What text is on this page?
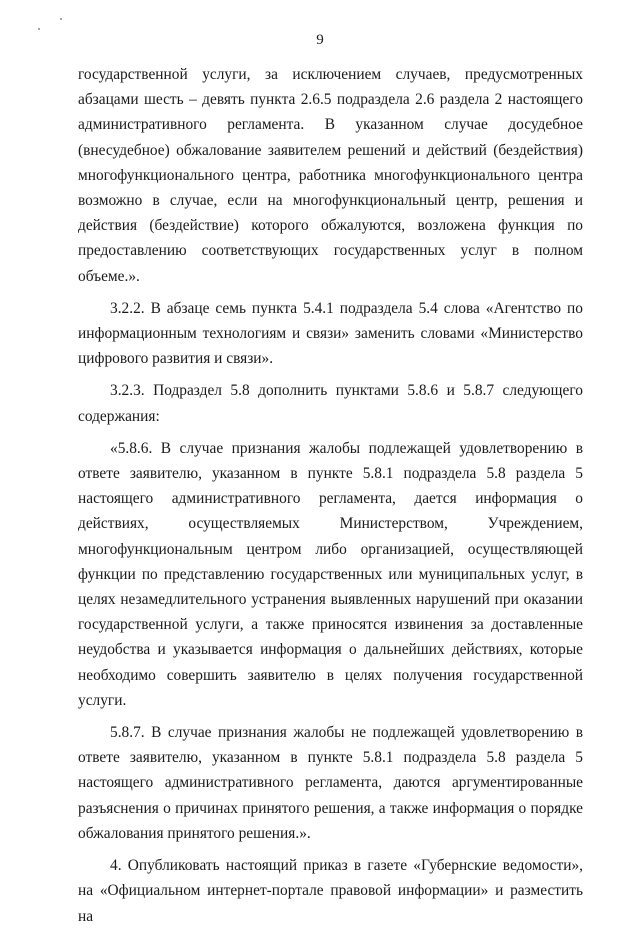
9

государственной услуги, за исключением случаев, предусмотренных абзацами шесть – девять пункта 2.6.5 подраздела 2.6 раздела 2 настоящего административного регламента. В указанном случае досудебное (внесудебное) обжалование заявителем решений и действий (бездействия) многофункционального центра, работника многофункционального центра возможно в случае, если на многофункциональный центр, решения и действия (бездействие) которого обжалуются, возложена функция по предоставлению соответствующих государственных услуг в полном объеме.».

3.2.2. В абзаце семь пункта 5.4.1 подраздела 5.4 слова «Агентство по информационным технологиям и связи» заменить словами «Министерство цифрового развития и связи».

3.2.3. Подраздел 5.8 дополнить пунктами 5.8.6 и 5.8.7 следующего содержания:

«5.8.6. В случае признания жалобы подлежащей удовлетворению в ответе заявителю, указанном в пункте 5.8.1 подраздела 5.8 раздела 5 настоящего административного регламента, дается информация о действиях, осуществляемых Министерством, Учреждением, многофункциональным центром либо организацией, осуществляющей функции по представлению государственных или муниципальных услуг, в целях незамедлительного устранения выявленных нарушений при оказании государственной услуги, а также приносятся извинения за доставленные неудобства и указывается информация о дальнейших действиях, которые необходимо совершить заявителю в целях получения государственной услуги.

5.8.7. В случае признания жалобы не подлежащей удовлетворению в ответе заявителю, указанном в пункте 5.8.1 подраздела 5.8 раздела 5 настоящего административного регламента, даются аргументированные разъяснения о причинах принятого решения, а также информация о порядке обжалования принятого решения.».

4. Опубликовать настоящий приказ в газете «Губернские ведомости», на «Официальном интернет-портале правовой информации» и разместить на
